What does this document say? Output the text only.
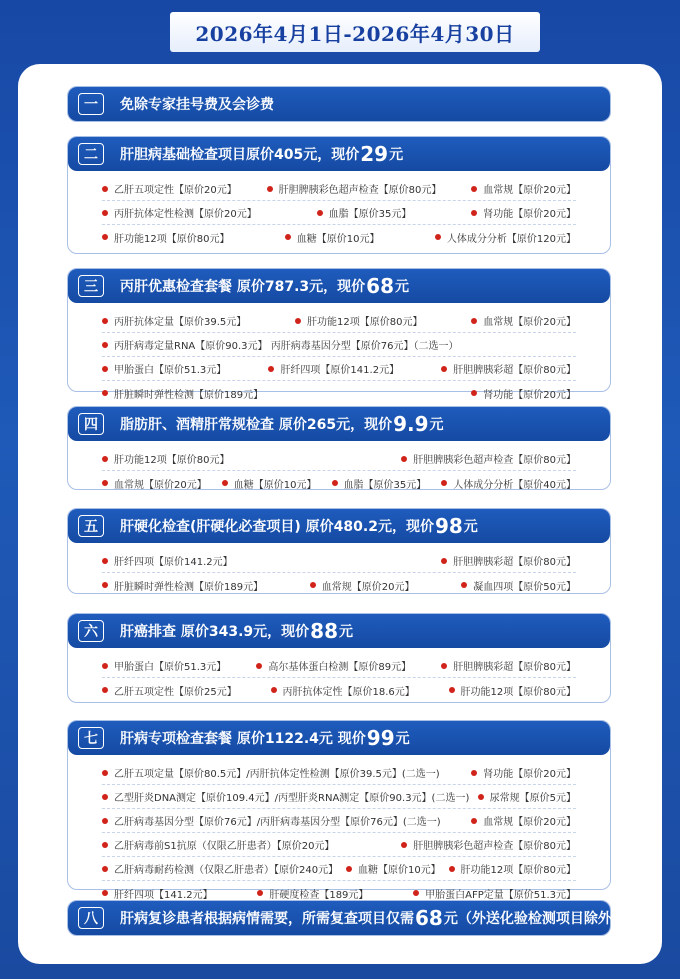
2026年4月1日-2026年4月30日
一	免除专家挂号费及会诊费
二	肝胆病基础检查项目原价405元，现价 29 元
乙肝五项定性【原价20元】	肝胆脾胰彩色超声检查【原价80元】	血常规【原价20元】
丙肝抗体定性检测【原价20元】	血脂【原价35元】	肾功能【原价20元】
肝功能12项【原价80元】	血糖【原价10元】	人体成分分析【原价120元】
三	丙肝优惠检查套餐 原价787.3元，现价 68 元
丙肝抗体定量【原价39.5元】	肝功能12项【原价80元】	血常规【原价20元】
丙肝病毒定量RNA【原价90.3元】 丙肝病毒基因分型【原价76元】（二选一）
甲胎蛋白【原价51.3元】	肝纤四项【原价141.2元】	肝胆脾胰彩超【原价80元】
肝脏瞬时弹性检测【原价189元】	肾功能【原价20元】
四	脂肪肝、酒精肝常规检查 原价265元，现价 9.9 元
肝功能12项【原价80元】	肝胆脾胰彩色超声检查【原价80元】
血常规【原价20元】	血糖【原价10元】	血脂【原价35元】	人体成分分析【原价40元】
五	肝硬化检查(肝硬化必查项目) 原价480.2元，现价 98 元
肝纤四项【原价141.2元】	肝胆脾胰彩超【原价80元】
肝脏瞬时弹性检测【原价189元】	血常规【原价20元】	凝血四项【原价50元】
六	肝癌排查 原价343.9元，现价 88 元
甲胎蛋白【原价51.3元】	高尔基体蛋白检测【原价89元】	肝胆脾胰彩超【原价80元】
乙肝五项定性【原价25元】	丙肝抗体定性【原价18.6元】	肝功能12项【原价80元】
七	肝病专项检查套餐 原价1122.4元 现价 99 元
乙肝五项定量【原价80.5元】/丙肝抗体定性检测【原价39.5元】(二选一)	肾功能【原价20元】
乙型肝炎DNA测定【原价109.4元】/丙型肝炎RNA测定【原价90.3元】(二选一) 尿常规【原价5元】
乙肝病毒基因分型【原价76元】/丙肝病毒基因分型【原价76元】(二选一)	血常规【原价20元】
乙肝病毒前S1抗原（仅限乙肝患者）【原价20元】	肝胆脾胰彩色超声检查【原价80元】
乙肝病毒耐药检测（仅限乙肝患者）【原价240元】 血糖【原价10元】 肝功能12项【原价80元】
肝纤四项【141.2元】	肝硬度检查【189元】	甲胎蛋白AFP定量【原价51.3元】
八	肝病复诊患者根据病情需要，所需复查项目仅需 68 元（外送化验检测项目除外）
